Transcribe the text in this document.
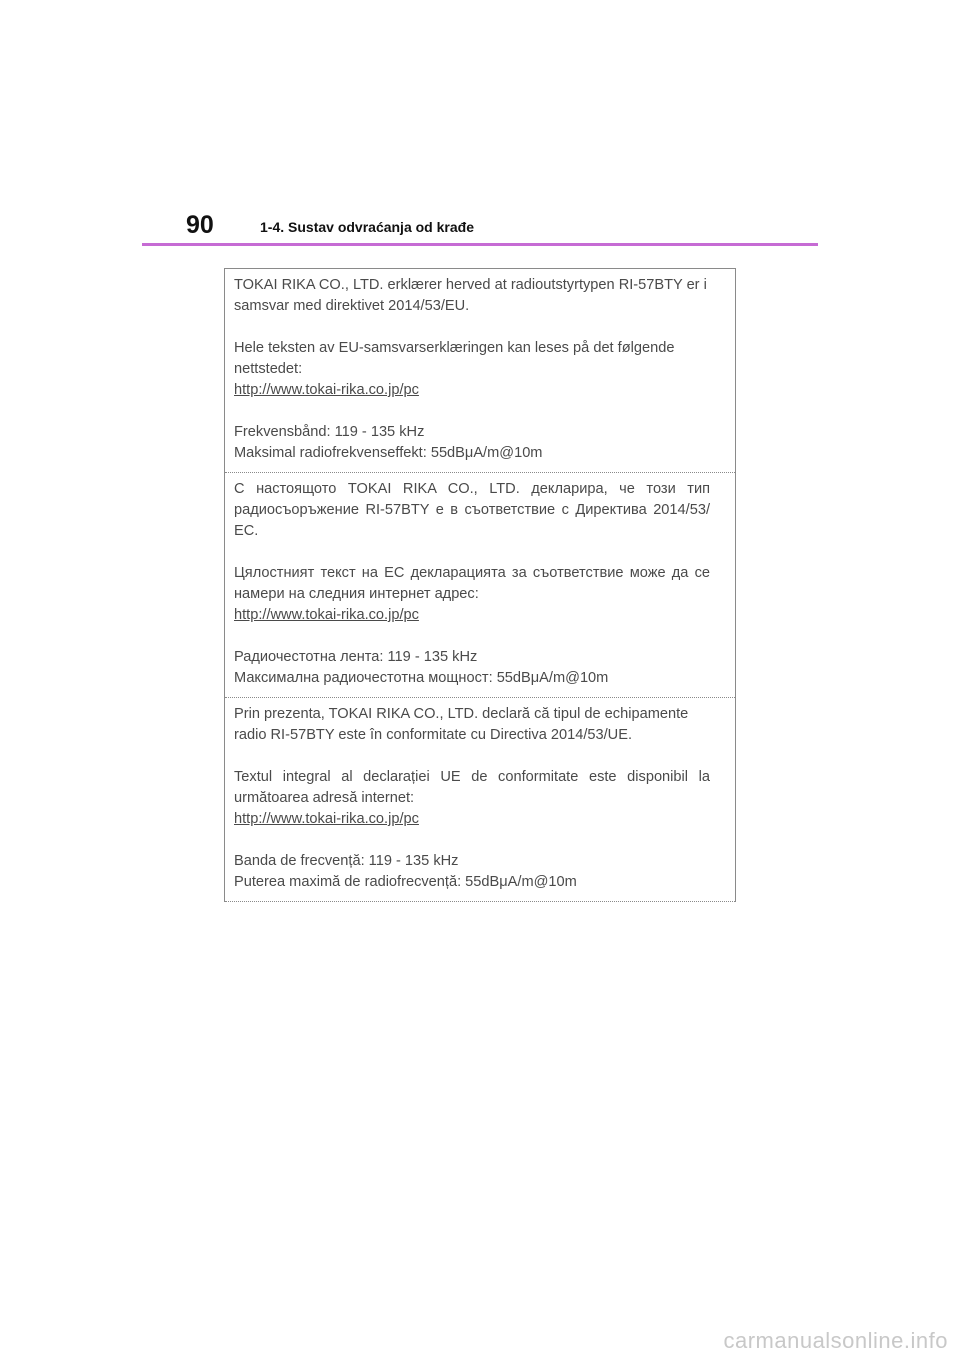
90	1-4. Sustav odvraćanja od krađe

TOKAI RIKA CO., LTD. erklærer herved at radioutstyrtypen RI-57BTY er i samsvar med direktivet 2014/53/EU.

Hele teksten av EU-samsvarserklæringen kan leses på det følgende nettstedet:

http://www.tokai-rika.co.jp/pc

Frekvensbånd: 119 - 135 kHz

Maksimal radiofrekvenseffekt: 55dBμA/m@10m

С настоящото TOKAI RIKA CO., LTD. декларира, че този тип радиосъоръжение RI-57BTY е в съответствие с Директива 2014/53/ЕС.

Цялостният текст на ЕС декларацията за съответствие може да се намери на следния интернет адрес:

http://www.tokai-rika.co.jp/pc

Радиочестотна лента: 119 - 135 kHz

Максимална радиочестотна мощност: 55dBμA/m@10m

Prin prezenta, TOKAI RIKA CO., LTD. declară că tipul de echipamente radio RI-57BTY este în conformitate cu Directiva 2014/53/UE.

Textul integral al declarației UE de conformitate este disponibil la următoarea adresă internet:

http://www.tokai-rika.co.jp/pc

Banda de frecvență: 119 - 135 kHz

Puterea maximă de radiofrecvență: 55dBμA/m@10m

carmanualsonline.info
